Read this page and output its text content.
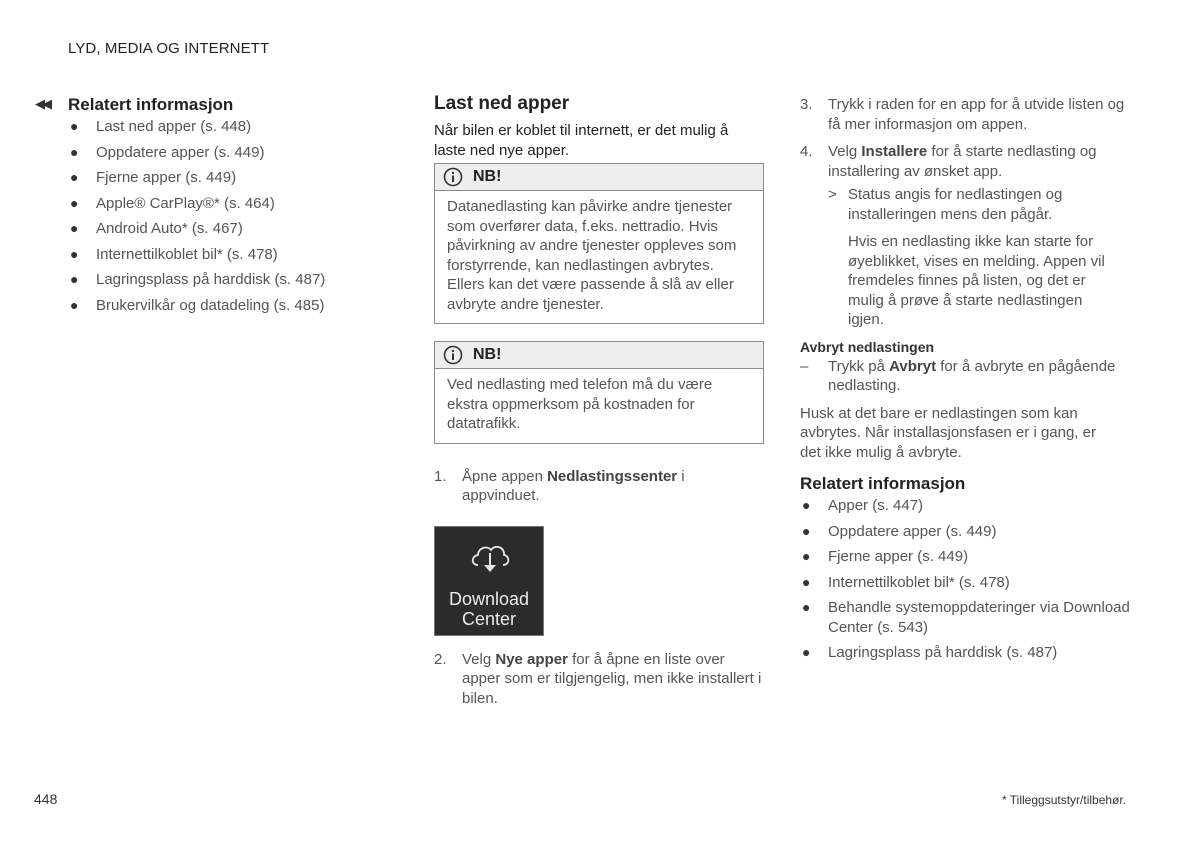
LYD, MEDIA OG INTERNETT
◀◀ Relatert informasjon
● Last ned apper (s. 448)
● Oppdatere apper (s. 449)
● Fjerne apper (s. 449)
● Apple® CarPlay®* (s. 464)
● Android Auto* (s. 467)
● Internettilkoblet bil* (s. 478)
● Lagringsplass på harddisk (s. 487)
● Brukervilkår og datadeling (s. 485)
Last ned apper
Når bilen er koblet til internett, er det mulig å laste ned nye apper.
NB!
Datanedlasting kan påvirke andre tjenester som overfører data, f.eks. nettradio. Hvis påvirkning av andre tjenester oppleves som forstyrrende, kan nedlastingen avbrytes. Ellers kan det være passende å slå av eller avbryte andre tjenester.
NB!
Ved nedlasting med telefon må du være ekstra oppmerksom på kostnaden for datatrafikk.
1. Åpne appen Nedlastingssenter i appvinduet.
Download
Center
2. Velg Nye apper for å åpne en liste over apper som er tilgjengelig, men ikke installert i bilen.
3. Trykk i raden for en app for å utvide listen og få mer informasjon om appen.
4. Velg Installere for å starte nedlasting og installering av ønsket app.
> Status angis for nedlastingen og installeringen mens den pågår.
Hvis en nedlasting ikke kan starte for øyeblikket, vises en melding. Appen vil fremdeles finnes på listen, og det er mulig å prøve å starte nedlastingen igjen.
Avbryt nedlastingen
– Trykk på Avbryt for å avbryte en pågående nedlasting.
Husk at det bare er nedlastingen som kan avbrytes. Når installasjonsfasen er i gang, er det ikke mulig å avbryte.
Relatert informasjon
● Apper (s. 447)
● Oppdatere apper (s. 449)
● Fjerne apper (s. 449)
● Internettilkoblet bil* (s. 478)
● Behandle systemoppdateringer via Download Center (s. 543)
● Lagringsplass på harddisk (s. 487)
448	* Tilleggsutstyr/tilbehør.
